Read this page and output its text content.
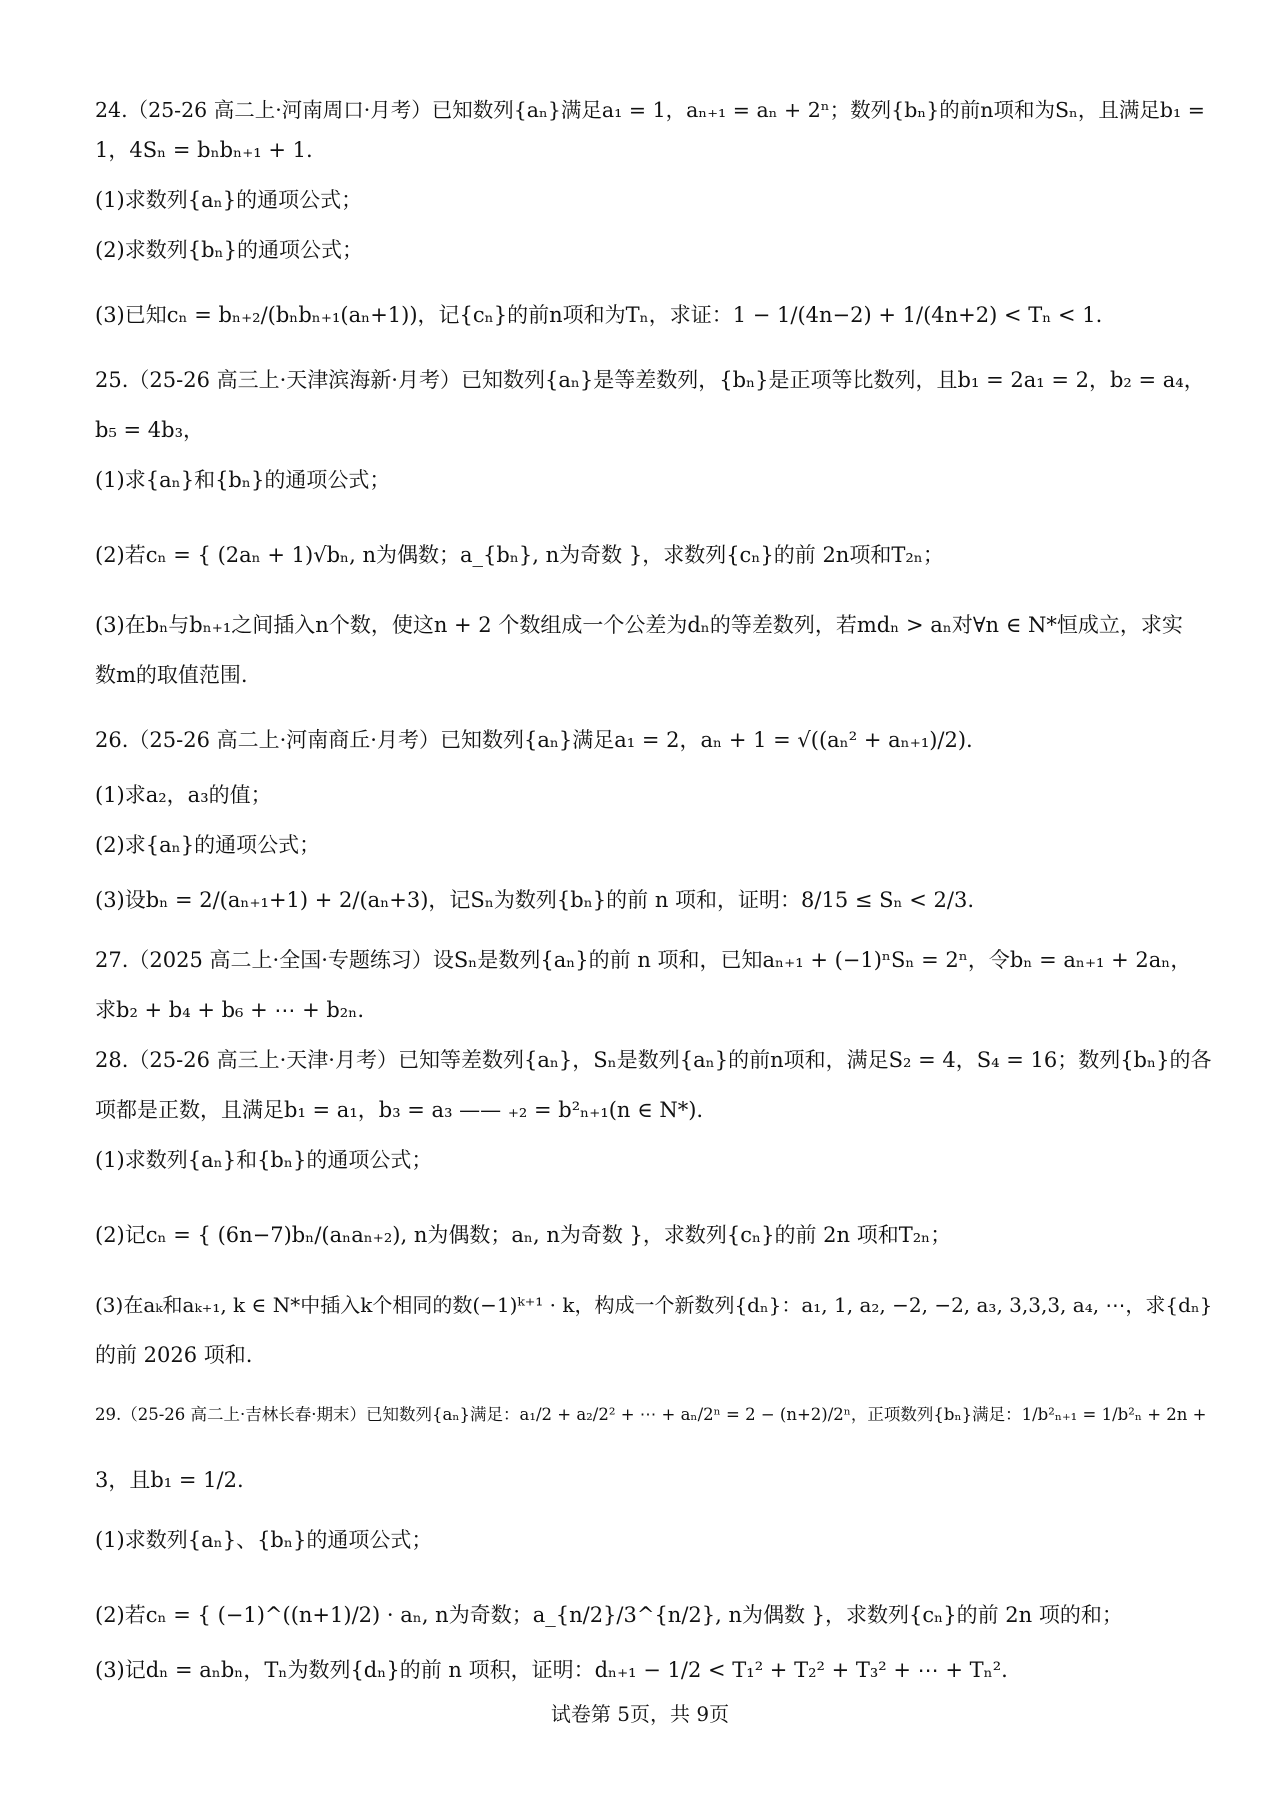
24.（25-26 高二上·河南周口·月考）已知数列{aₙ}满足a₁ = 1，aₙ₊₁ = aₙ + 2ⁿ；数列{bₙ}的前n项和为Sₙ，且满足b₁ =
1，4Sₙ = bₙbₙ₊₁ + 1.
(1)求数列{aₙ}的通项公式；
(2)求数列{bₙ}的通项公式；
(3)已知cₙ = bₙ₊₂/(bₙbₙ₊₁(aₙ+1))，记{cₙ}的前n项和为Tₙ，求证：1 − 1/(4n−2) + 1/(4n+2) < Tₙ < 1.
25.（25-26 高三上·天津滨海新·月考）已知数列{aₙ}是等差数列，{bₙ}是正项等比数列，且b₁ = 2a₁ = 2，b₂ = a₄，
b₅ = 4b₃，
(1)求{aₙ}和{bₙ}的通项公式；
(2)若cₙ = { (2aₙ + 1)√bₙ, n为偶数；a_{bₙ}, n为奇数 }，求数列{cₙ}的前 2n项和T₂ₙ；
(3)在bₙ与bₙ₊₁之间插入n个数，使这n + 2 个数组成一个公差为dₙ的等差数列，若mdₙ > aₙ对∀n ∈ N*恒成立，求实
数m的取值范围.
26.（25-26 高二上·河南商丘·月考）已知数列{aₙ}满足a₁ = 2，aₙ + 1 = √((aₙ² + aₙ₊₁)/2).
(1)求a₂，a₃的值；
(2)求{aₙ}的通项公式；
(3)设bₙ = 2/(aₙ₊₁+1) + 2/(aₙ+3)，记Sₙ为数列{bₙ}的前 n 项和，证明：8/15 ≤ Sₙ < 2/3.
27.（2025 高二上·全国·专题练习）设Sₙ是数列{aₙ}的前 n 项和，已知aₙ₊₁ + (−1)ⁿSₙ = 2ⁿ，令bₙ = aₙ₊₁ + 2aₙ，
求b₂ + b₄ + b₆ + ⋯ + b₂ₙ.
28.（25-26 高三上·天津·月考）已知等差数列{aₙ}，Sₙ是数列{aₙ}的前n项和，满足S₂ = 4，S₄ = 16；数列{bₙ}的各
项都是正数，且满足b₁ = a₁，b₃ = a₃ —— ₊₂ = b²ₙ₊₁(n ∈ N*).
(1)求数列{aₙ}和{bₙ}的通项公式；
(2)记cₙ = { (6n−7)bₙ/(aₙaₙ₊₂), n为偶数；aₙ, n为奇数 }，求数列{cₙ}的前 2n 项和T₂ₙ；
(3)在aₖ和aₖ₊₁, k ∈ N*中插入k个相同的数(−1)ᵏ⁺¹ · k，构成一个新数列{dₙ}：a₁, 1, a₂, −2, −2, a₃, 3,3,3, a₄, ⋯，求{dₙ}
的前 2026 项和.
29.（25-26 高二上·吉林长春·期末）已知数列{aₙ}满足：a₁/2 + a₂/2² + ⋯ + aₙ/2ⁿ = 2 − (n+2)/2ⁿ，正项数列{bₙ}满足：1/b²ₙ₊₁ = 1/b²ₙ + 2n +
3，且b₁ = 1/2.
(1)求数列{aₙ}、{bₙ}的通项公式；
(2)若cₙ = { (−1)^((n+1)/2) · aₙ, n为奇数；a_{n/2}/3^{n/2}, n为偶数 }，求数列{cₙ}的前 2n 项的和；
(3)记dₙ = aₙbₙ，Tₙ为数列{dₙ}的前 n 项积，证明：dₙ₊₁ − 1/2 < T₁² + T₂² + T₃² + ⋯ + Tₙ².
试卷第 5页，共 9页
